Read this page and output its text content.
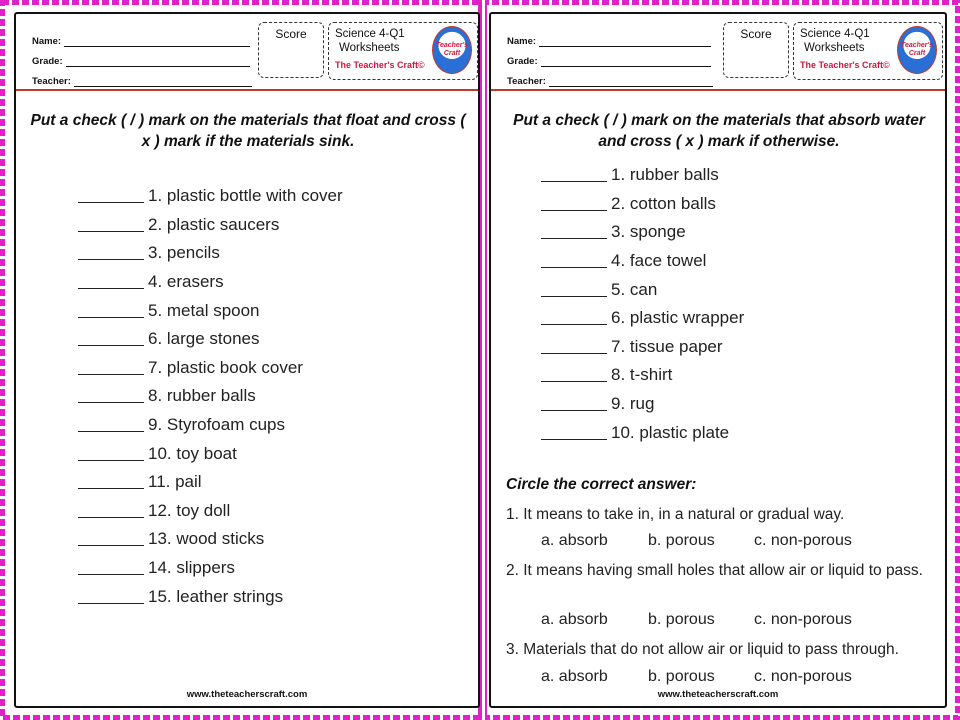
Name:
Grade:
Teacher:
Score	Science 4-Q1
Worksheets
The Teacher's Craft©
Teacher's Craft
Put a check ( / ) mark on the materials that float and cross ( x ) mark if the materials sink.
1. plastic bottle with cover
2. plastic saucers
3. pencils
4. erasers
5. metal spoon
6. large stones
7. plastic book cover
8. rubber balls
9. Styrofoam cups
10. toy boat
11. pail
12. toy doll
13. wood sticks
14. slippers
15. leather strings
www.theteacherscraft.com
Name:
Grade:
Teacher:
Score	Science 4-Q1
Worksheets
The Teacher's Craft©
Teacher's Craft
Put a check ( / ) mark on the materials that absorb water and cross ( x ) mark if otherwise.
1. rubber balls
2. cotton balls
3. sponge
4. face towel
5. can
6. plastic wrapper
7. tissue paper
8. t-shirt
9. rug
10. plastic plate
Circle the correct answer:
1. It means to take in, in a natural or gradual way.
a. absorb	b. porous	c. non-porous
2. It means having small holes that allow air or liquid to pass.
a. absorb	b. porous	c. non-porous
3. Materials that do not allow air or liquid to pass through.
a. absorb	b. porous	c. non-porous
www.theteacherscraft.com
